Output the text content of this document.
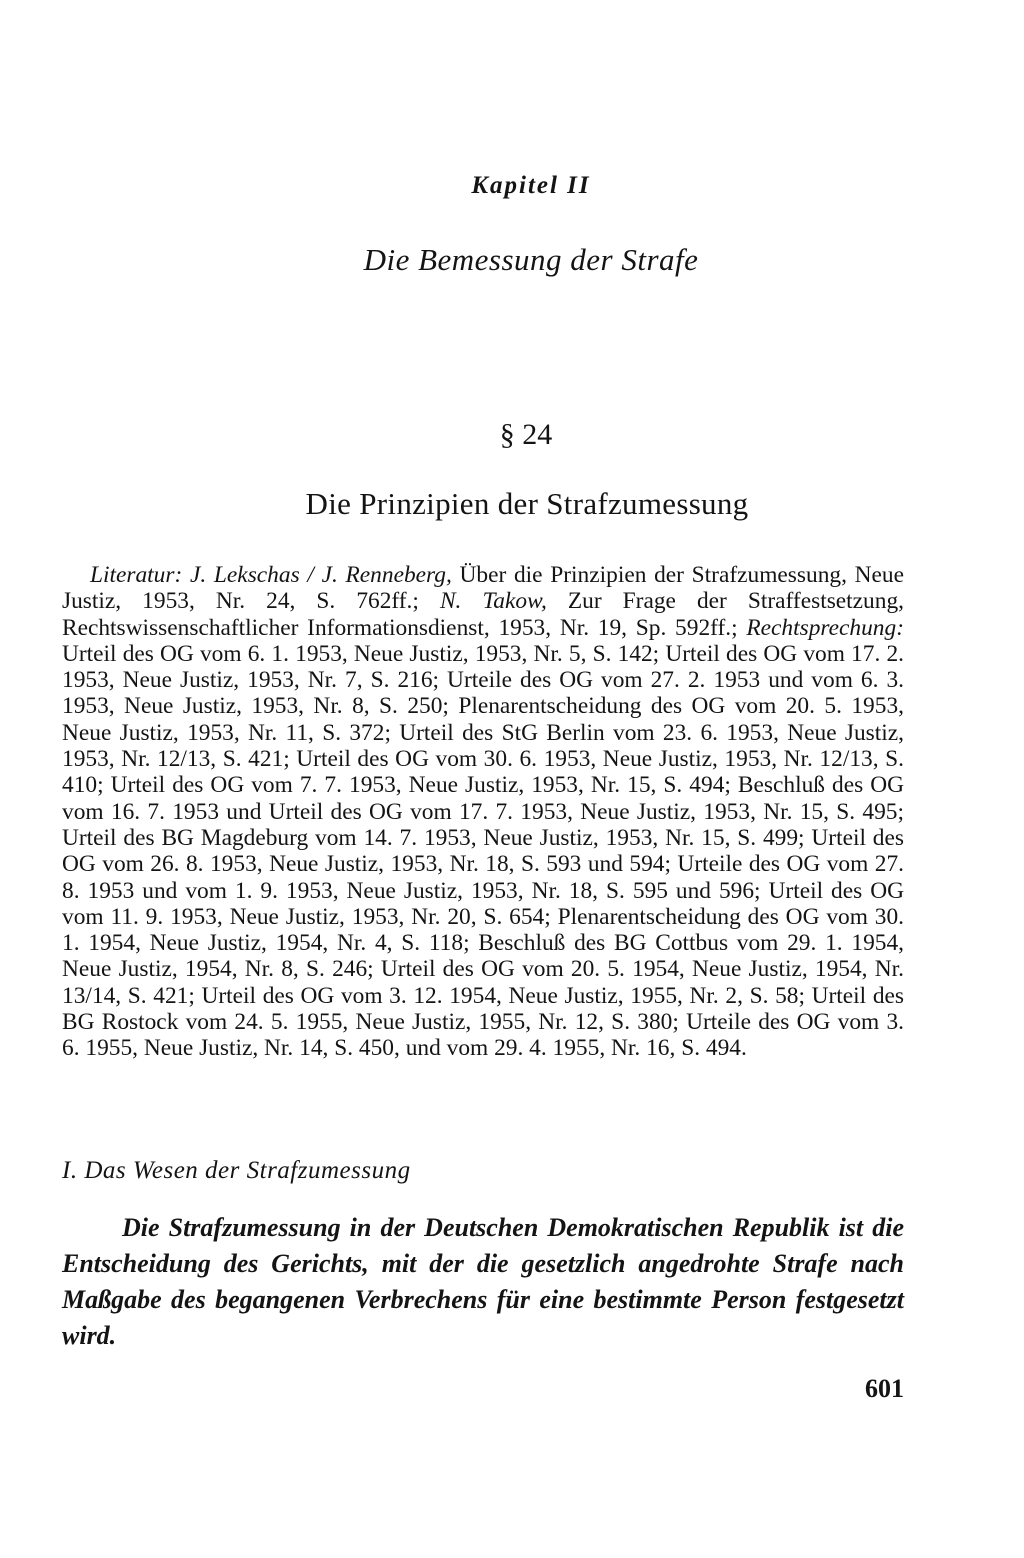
Kapitel II
Die Bemessung der Strafe
§ 24
Die Prinzipien der Strafzumessung

Literatur: J. Lekschas / J. Renneberg, Über die Prinzipien der Strafzumessung, Neue Justiz, 1953, Nr. 24, S. 762ff.; N. Takow, Zur Frage der Straffestsetzung, Rechtswissenschaftlicher Informationsdienst, 1953, Nr. 19, Sp. 592ff.; Rechtsprechung: Urteil des OG vom 6. 1. 1953, Neue Justiz, 1953, Nr. 5, S. 142; Urteil des OG vom 17. 2. 1953, Neue Justiz, 1953, Nr. 7, S. 216; Urteile des OG vom 27. 2. 1953 und vom 6. 3. 1953, Neue Justiz, 1953, Nr. 8, S. 250; Plenarentscheidung des OG vom 20. 5. 1953, Neue Justiz, 1953, Nr. 11, S. 372; Urteil des StG Berlin vom 23. 6. 1953, Neue Justiz, 1953, Nr. 12/13, S. 421; Urteil des OG vom 30. 6. 1953, Neue Justiz, 1953, Nr. 12/13, S. 410; Urteil des OG vom 7. 7. 1953, Neue Justiz, 1953, Nr. 15, S. 494; Beschluß des OG vom 16. 7. 1953 und Urteil des OG vom 17. 7. 1953, Neue Justiz, 1953, Nr. 15, S. 495; Urteil des BG Magdeburg vom 14. 7. 1953, Neue Justiz, 1953, Nr. 15, S. 499; Urteil des OG vom 26. 8. 1953, Neue Justiz, 1953, Nr. 18, S. 593 und 594; Urteile des OG vom 27. 8. 1953 und vom 1. 9. 1953, Neue Justiz, 1953, Nr. 18, S. 595 und 596; Urteil des OG vom 11. 9. 1953, Neue Justiz, 1953, Nr. 20, S. 654; Plenarentscheidung des OG vom 30. 1. 1954, Neue Justiz, 1954, Nr. 4, S. 118; Beschluß des BG Cottbus vom 29. 1. 1954, Neue Justiz, 1954, Nr. 8, S. 246; Urteil des OG vom 20. 5. 1954, Neue Justiz, 1954, Nr. 13/14, S. 421; Urteil des OG vom 3. 12. 1954, Neue Justiz, 1955, Nr. 2, S. 58; Urteil des BG Rostock vom 24. 5. 1955, Neue Justiz, 1955, Nr. 12, S. 380; Urteile des OG vom 3. 6. 1955, Neue Justiz, Nr. 14, S. 450, und vom 29. 4. 1955, Nr. 16, S. 494.

I. Das Wesen der Strafzumessung

Die Strafzumessung in der Deutschen Demokratischen Republik ist die Entscheidung des Gerichts, mit der die gesetzlich angedrohte Strafe nach Maßgabe des begangenen Verbrechens für eine bestimmte Person festgesetzt wird.

601
